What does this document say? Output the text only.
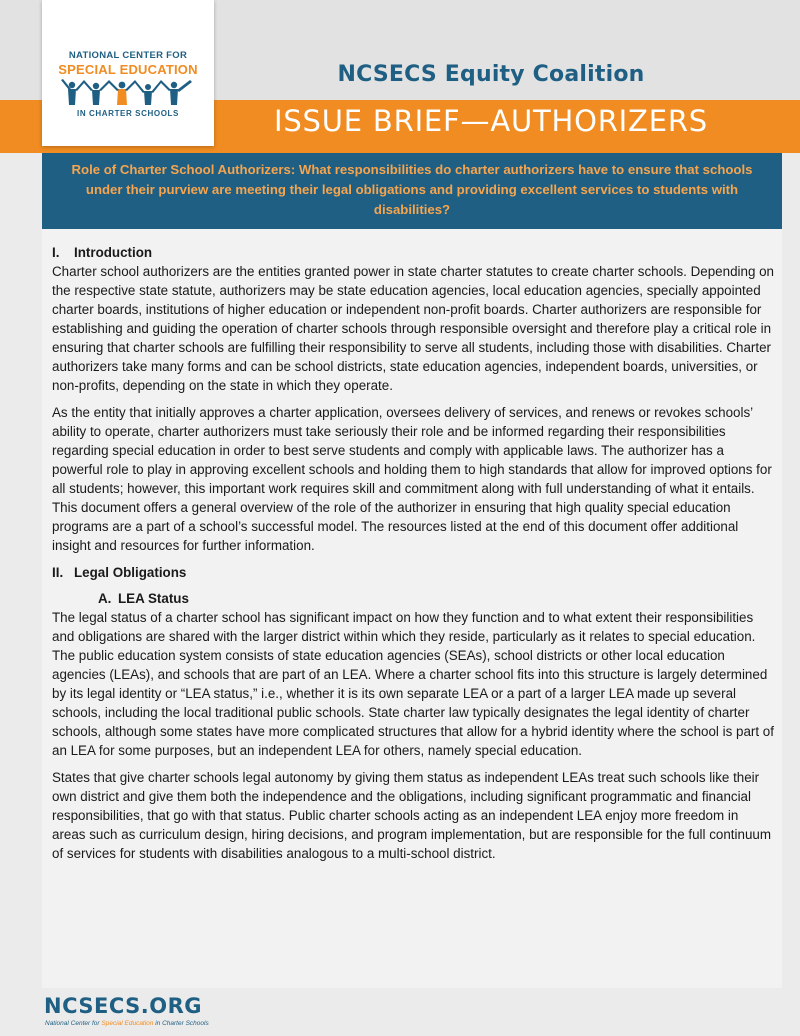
NATIONAL CENTER FOR
SPECIAL EDUCATION
IN CHARTER SCHOOLS
NCSECS Equity Coalition
ISSUE BRIEF—AUTHORIZERS
Role of Charter School Authorizers: What responsibilities do charter authorizers have to ensure that schools under their purview are meeting their legal obligations and providing excellent services to students with disabilities?
I. Introduction

Charter school authorizers are the entities granted power in state charter statutes to create charter schools. Depending on the respective state statute, authorizers may be state education agencies, local education agencies, specially appointed charter boards, institutions of higher education or independent non-profit boards. Charter authorizers are responsible for establishing and guiding the operation of charter schools through responsible oversight and therefore play a critical role in ensuring that charter schools are fulfilling their responsibility to serve all students, including those with disabilities. Charter authorizers take many forms and can be school districts, state education agencies, independent boards, universities, or non-profits, depending on the state in which they operate.

As the entity that initially approves a charter application, oversees delivery of services, and renews or revokes schools’ ability to operate, charter authorizers must take seriously their role and be informed regarding their responsibilities regarding special education in order to best serve students and comply with applicable laws. The authorizer has a powerful role to play in approving excellent schools and holding them to high standards that allow for improved options for all students; however, this important work requires skill and commitment along with full understanding of what it entails. This document offers a general overview of the role of the authorizer in ensuring that high quality special education programs are a part of a school’s successful model. The resources listed at the end of this document offer additional insight and resources for further information.

II. Legal Obligations
A. LEA Status

The legal status of a charter school has significant impact on how they function and to what extent their responsibilities and obligations are shared with the larger district within which they reside, particularly as it relates to special education. The public education system consists of state education agencies (SEAs), school districts or other local education agencies (LEAs), and schools that are part of an LEA. Where a charter school fits into this structure is largely determined by its legal identity or “LEA status,” i.e., whether it is its own separate LEA or a part of a larger LEA made up several schools, including the local traditional public schools. State charter law typically designates the legal identity of charter schools, although some states have more complicated structures that allow for a hybrid identity where the school is part of an LEA for some purposes, but an independent LEA for others, namely special education.

States that give charter schools legal autonomy by giving them status as independent LEAs treat such schools like their own district and give them both the independence and the obligations, including significant programmatic and financial responsibilities, that go with that status. Public charter schools acting as an independent LEA enjoy more freedom in areas such as curriculum design, hiring decisions, and program implementation, but are responsible for the full continuum of services for students with disabilities analogous to a multi-school district.

NCSECS.ORG
National Center for Special Education in Charter Schools
